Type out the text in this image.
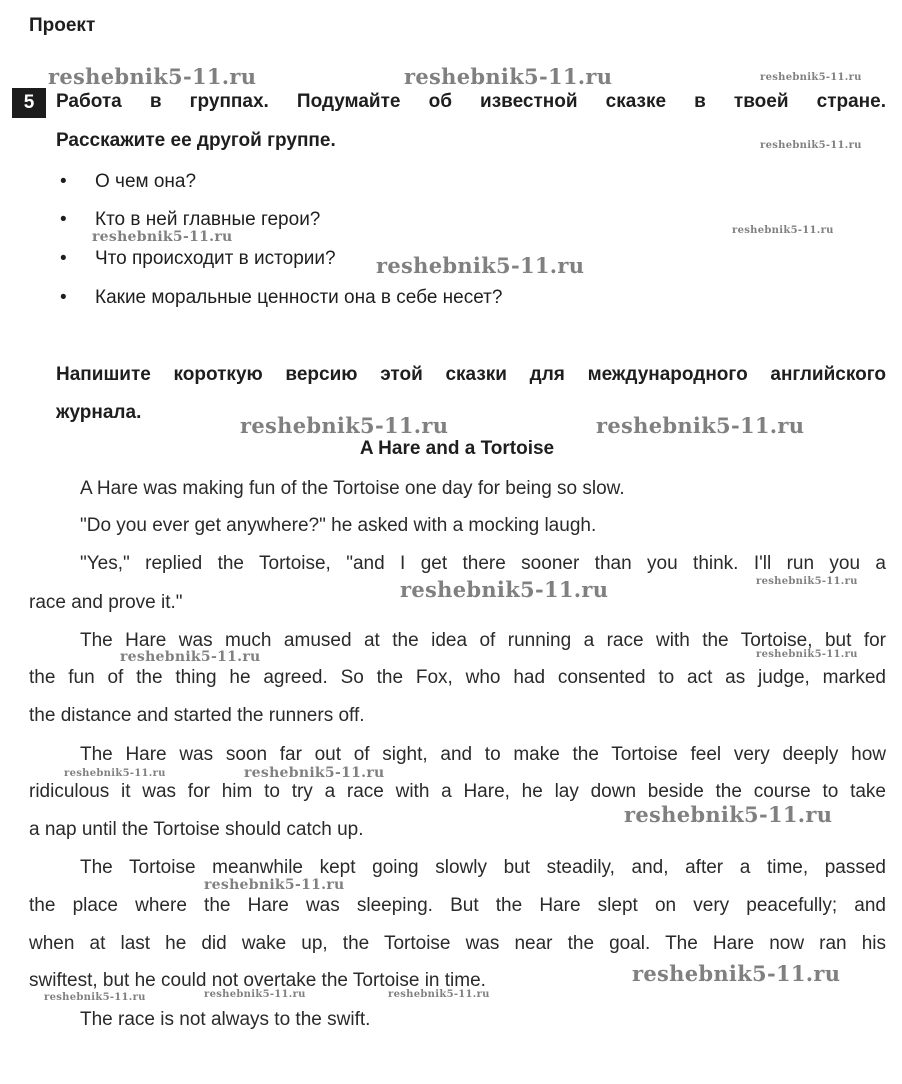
Проект
5	Работа в группах. Подумайте об известной сказке в твоей стране.
Расскажите ее другой группе.
• О чем она?
• Кто в ней главные герои?
• Что происходит в истории?
• Какие моральные ценности она в себе несет?
Напишите короткую версию этой сказки для международного английского
журнала.
A Hare and a Tortoise
A Hare was making fun of the Tortoise one day for being so slow.
"Do you ever get anywhere?" he asked with a mocking laugh.
"Yes," replied the Tortoise, "and I get there sooner than you think. I'll run you a
race and prove it."
The Hare was much amused at the idea of running a race with the Tortoise, but for
the fun of the thing he agreed. So the Fox, who had consented to act as judge, marked
the distance and started the runners off.
The Hare was soon far out of sight, and to make the Tortoise feel very deeply how
ridiculous it was for him to try a race with a Hare, he lay down beside the course to take
a nap until the Tortoise should catch up.
The Tortoise meanwhile kept going slowly but steadily, and, after a time, passed
the place where the Hare was sleeping. But the Hare slept on very peacefully; and
when at last he did wake up, the Tortoise was near the goal. The Hare now ran his
swiftest, but he could not overtake the Tortoise in time.
The race is not always to the swift.
reshebnik5-11.ru	reshebnik5-11.ru	reshebnik5-11.ru
reshebnik5-11.ru
reshebnik5-11.ru	reshebnik5-11.ru
reshebnik5-11.ru
reshebnik5-11.ru	reshebnik5-11.ru
reshebnik5-11.ru	reshebnik5-11.ru
reshebnik5-11.ru	reshebnik5-11.ru
reshebnik5-11.ru	reshebnik5-11.ru
reshebnik5-11.ru
reshebnik5-11.ru
reshebnik5-11.ru
reshebnik5-11.ru	reshebnik5-11.ru	reshebnik5-11.ru
